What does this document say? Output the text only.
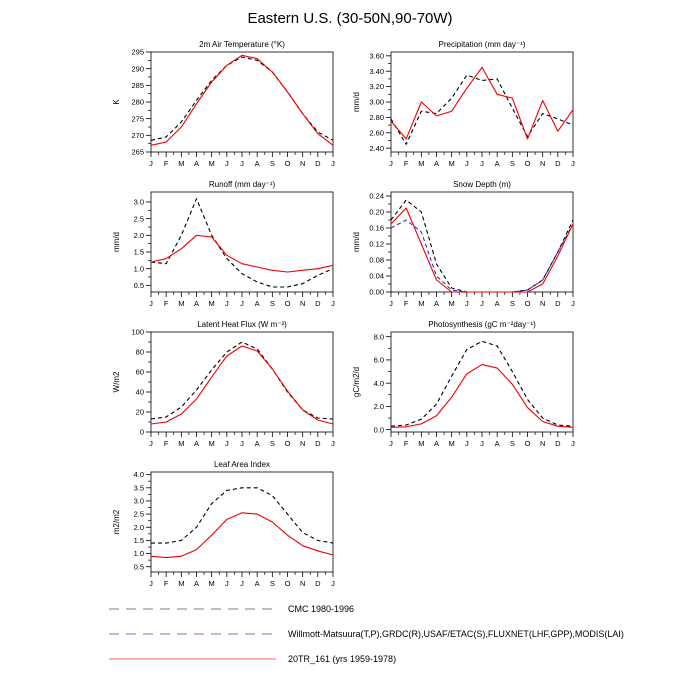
Eastern U.S. (30-50N,90-70W)
265
270
275
280
285
290
295
J F M A M J J A S O N D J
2m Air Temperature (°K)
K
2.40
2.60
2.80
3.00
3.20
3.40
3.60
J F M A M J J A S O N D J
Precipitation (mm day⁻¹)
mm/d
0.5
1.0
1.5
2.0
2.5
3.0
J F M A M J J A S O N D J
Runoff (mm day⁻¹)
mm/d
0.00
0.04
0.08
0.12
0.16
0.20
0.24
J F M A M J J A S O N D J
Snow Depth (m)
mm/d
0
20
40
60
80
100
J F M A M J J A S O N D J
Latent Heat Flux (W m⁻²)
W/m2
0.0
2.0
4.0
6.0
8.0
J F M A M J J A S O N D J
Photosynthesis (gC m⁻²day⁻¹)
gC/m2/d
0.5
1.0
1.5
2.0
2.5
3.0
3.5
4.0
J F M A M J J A S O N D J
Leaf Area Index
m2/m2
CMC 1980-1996
Willmott-Matsuura(T,P),GRDC(R),USAF/ETAC(S),FLUXNET(LHF,GPP),MODIS(LAI)
20TR_161 (yrs 1959-1978)
